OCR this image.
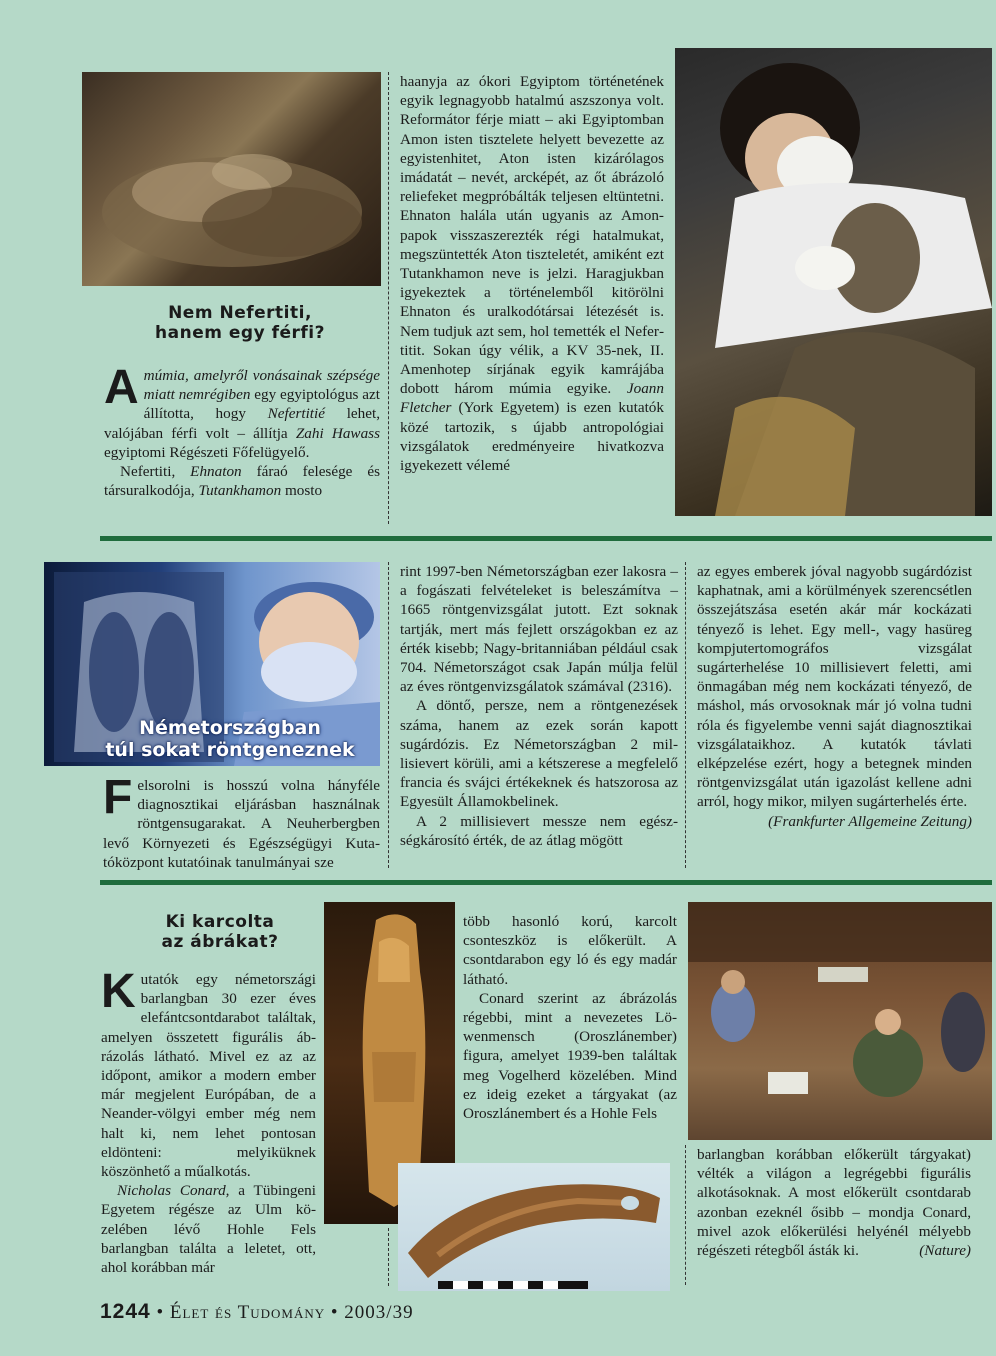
Nem Nefertiti,
hanem egy férfi?

Amúmia, amelyről vonásainak szépsége miatt nemrégiben egy egyiptológus azt állította, hogy Nefertitié lehet, valójában férfi volt – állítja Zahi Hawass egyiptomi Régészeti Főfelügyelő.

Nefertiti, Ehnaton fáraó felesége és társuralkodója, Tutankhamon mosto

haanyja az ókori Egyiptom történetének egyik legnagyobb hatalmú aszszonya volt. Reformátor férje miatt – aki Egyiptomban Amon isten tisztelete helyett bevezette az egyistenhitet, Aton isten kizárólagos imádatát – nevét, arcképét, az őt ábrázoló reliefeket megpróbálták teljesen eltüntetni. Ehnaton halála után ugyanis az Amon-papok visszaszerezték régi hatalmukat, megszüntették Aton tiszteletét, amiként ezt Tutankhamon neve is jelzi. Haragjukban igyekeztek a történelemből kitörölni Ehnaton és uralkodótársai létezését is. Nem tudjuk azt sem, hol temették el Nefertitit. Sokan úgy vélik, a KV 35-nek, II. Amenhotep sírjának egyik kamrájába dobott három múmia egyike. Joann Fletcher (York Egyetem) is ezen kutatók közé tartozik, s újabb antropológiai vizsgálatok eredményeire hivatkozva igyekezett vélemé

Németországban
túl sokat röntgeneznek

Felsorolni is hosszú volna hányféle diagnosztikai eljárásban használnak röntgensugarakat. A Neuherbergben levő Környezeti és Egészségügyi Kutatóközpont kutatóinak tanulmányai sze

rint 1997-ben Németországban ezer lakosra – a fogászati felvételeket is beleszámítva – 1665 röntgenvizsgálat jutott. Ezt soknak tartják, mert más fejlett országokban ez az érték kisebb; Nagy-britanniában például csak 704. Németországot csak Japán múlja felül az éves röntgenvizsgálatok számával (2316).

A döntő, persze, nem a röntgenezések száma, hanem az ezek során kapott sugárdózis. Ez Németországban 2 millisievert körüli, ami a kétszerese a megfelelő francia és svájci értékeknek és hatszorosa az Egyesült Államokbelinek.

A 2 millisievert messze nem egészségkárosító érték, de az átlag mögött

az egyes emberek jóval nagyobb sugárdózist kaphatnak, ami a körülmények szerencsétlen összejátszása esetén akár már kockázati tényező is lehet. Egy mell-, vagy hasüreg kompjutertomográfos vizsgálat sugárterhelése 10 millisievert feletti, ami önmagában még nem kockázati tényező, de máshol, más orvosoknak már jó volna tudni róla és figyelembe venni saját diagnosztikai vizsgálataikhoz. A kutatók távlati elképzelése ezért, hogy a betegnek minden röntgenvizsgálat után igazolást kellene adni arról, hogy mikor, milyen sugárterhelés érte.

(Frankfurter Allgemeine Zeitung)
Ki karcolta
az ábrákat?

Kutatók egy németországi barlangban 30 ezer éves elefántcsontdarabot találtak, amelyen összetett figurális ábrázolás látható. Mivel ez az az időpont, amikor a modern ember már megjelent Európában, de a Neander-völgyi ember még nem halt ki, nem lehet pontosan eldönteni: melyiküknek köszönhető a műalkotás.

Nicholas Conard, a Tübingeni Egyetem régésze az Ulm közelében lévő Hohle Fels barlangban találta a leletet, ott, ahol korábban már

több hasonló korú, karcolt csonteszköz is előkerült. A csontdarabon egy ló és egy madár látható.

Conard szerint az ábrázolás régebbi, mint a nevezetes Löwenmensch (Oroszlánember) figura, amelyet 1939-ben találtak meg Vogelherd közelében. Mind ez ideig ezeket a tárgyakat (az Oroszlánembert és a Hohle Fels

barlangban korábban előkerült tárgyakat) vélték a világon a legrégebbi figurális alkotásoknak. A most előkerült csontdarab azonban ezeknél ősibb – mondja Conard, mivel azok előkerülési helyénél mélyebb régészeti rétegből ásták ki.	(Nature)
1244 • Élet és Tudomány • 2003/39
